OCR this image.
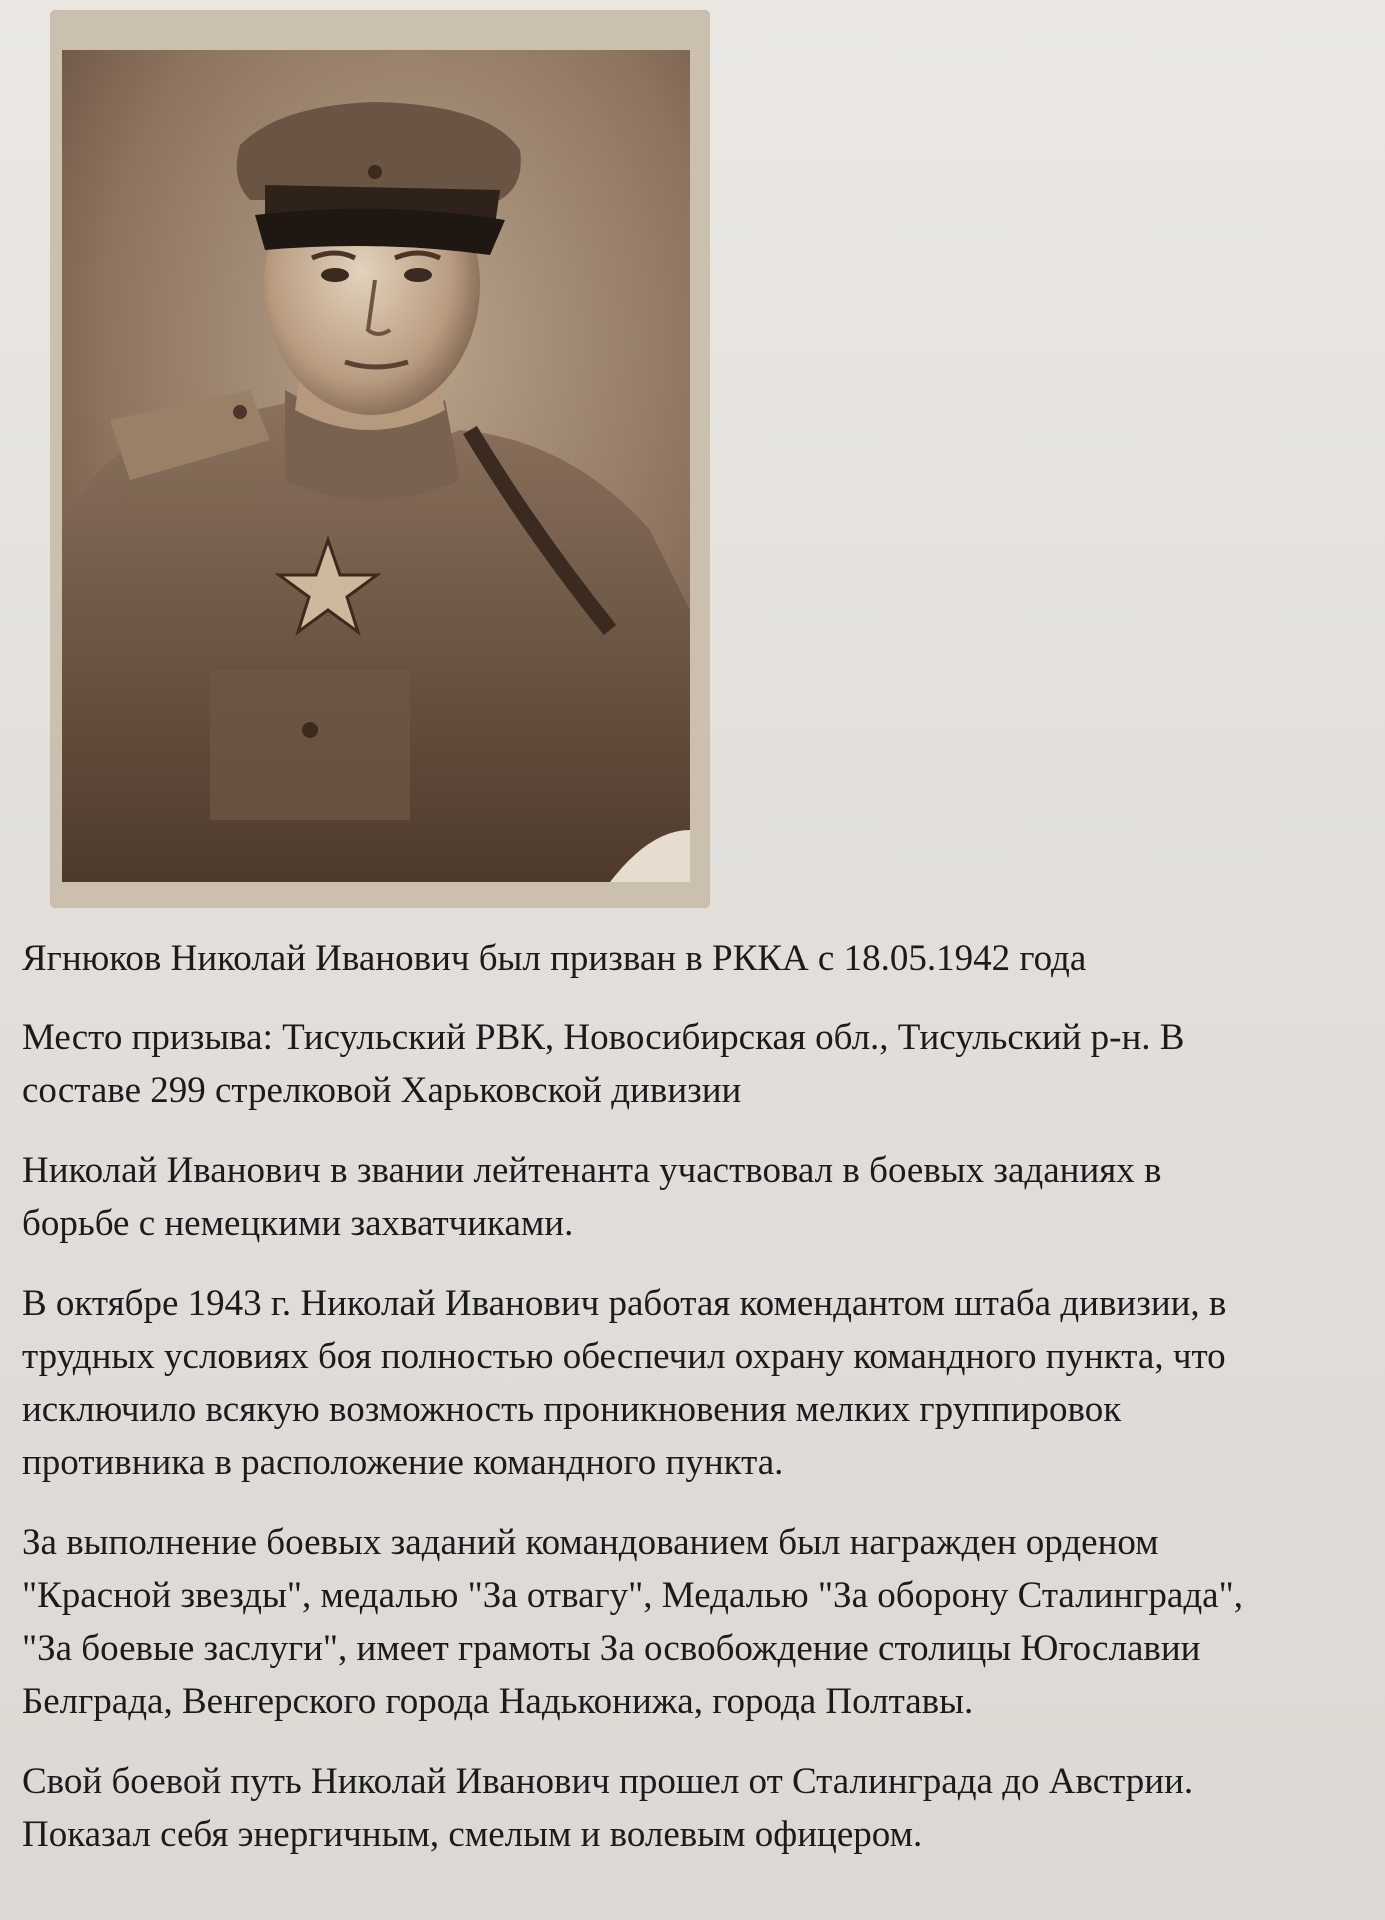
Ягнюков Николай Иванович был призван в РККА с 18.05.1942 года

Место призыва: Тисульский РВК, Новосибирская обл., Тисульский р-н. В
составе 299 стрелковой Харьковской дивизии

Николай Иванович в звании лейтенанта участвовал в боевых заданиях в
борьбе с немецкими захватчиками.

В октябре 1943 г. Николай Иванович работая комендантом штаба дивизии, в
трудных условиях боя полностью обеспечил охрану командного пункта, что
исключило всякую возможность проникновения мелких группировок
противника в расположение командного пункта.

За выполнение боевых заданий командованием был награжден орденом
"Красной звезды", медалью "За отвагу", Медалью "За оборону Сталинграда",
"За боевые заслуги", имеет грамоты За освобождение столицы Югославии
Белграда, Венгерского города Надьконижа, города Полтавы.

Свой боевой путь Николай Иванович прошел от Сталинграда до Австрии.
Показал себя энергичным, смелым и волевым офицером.
